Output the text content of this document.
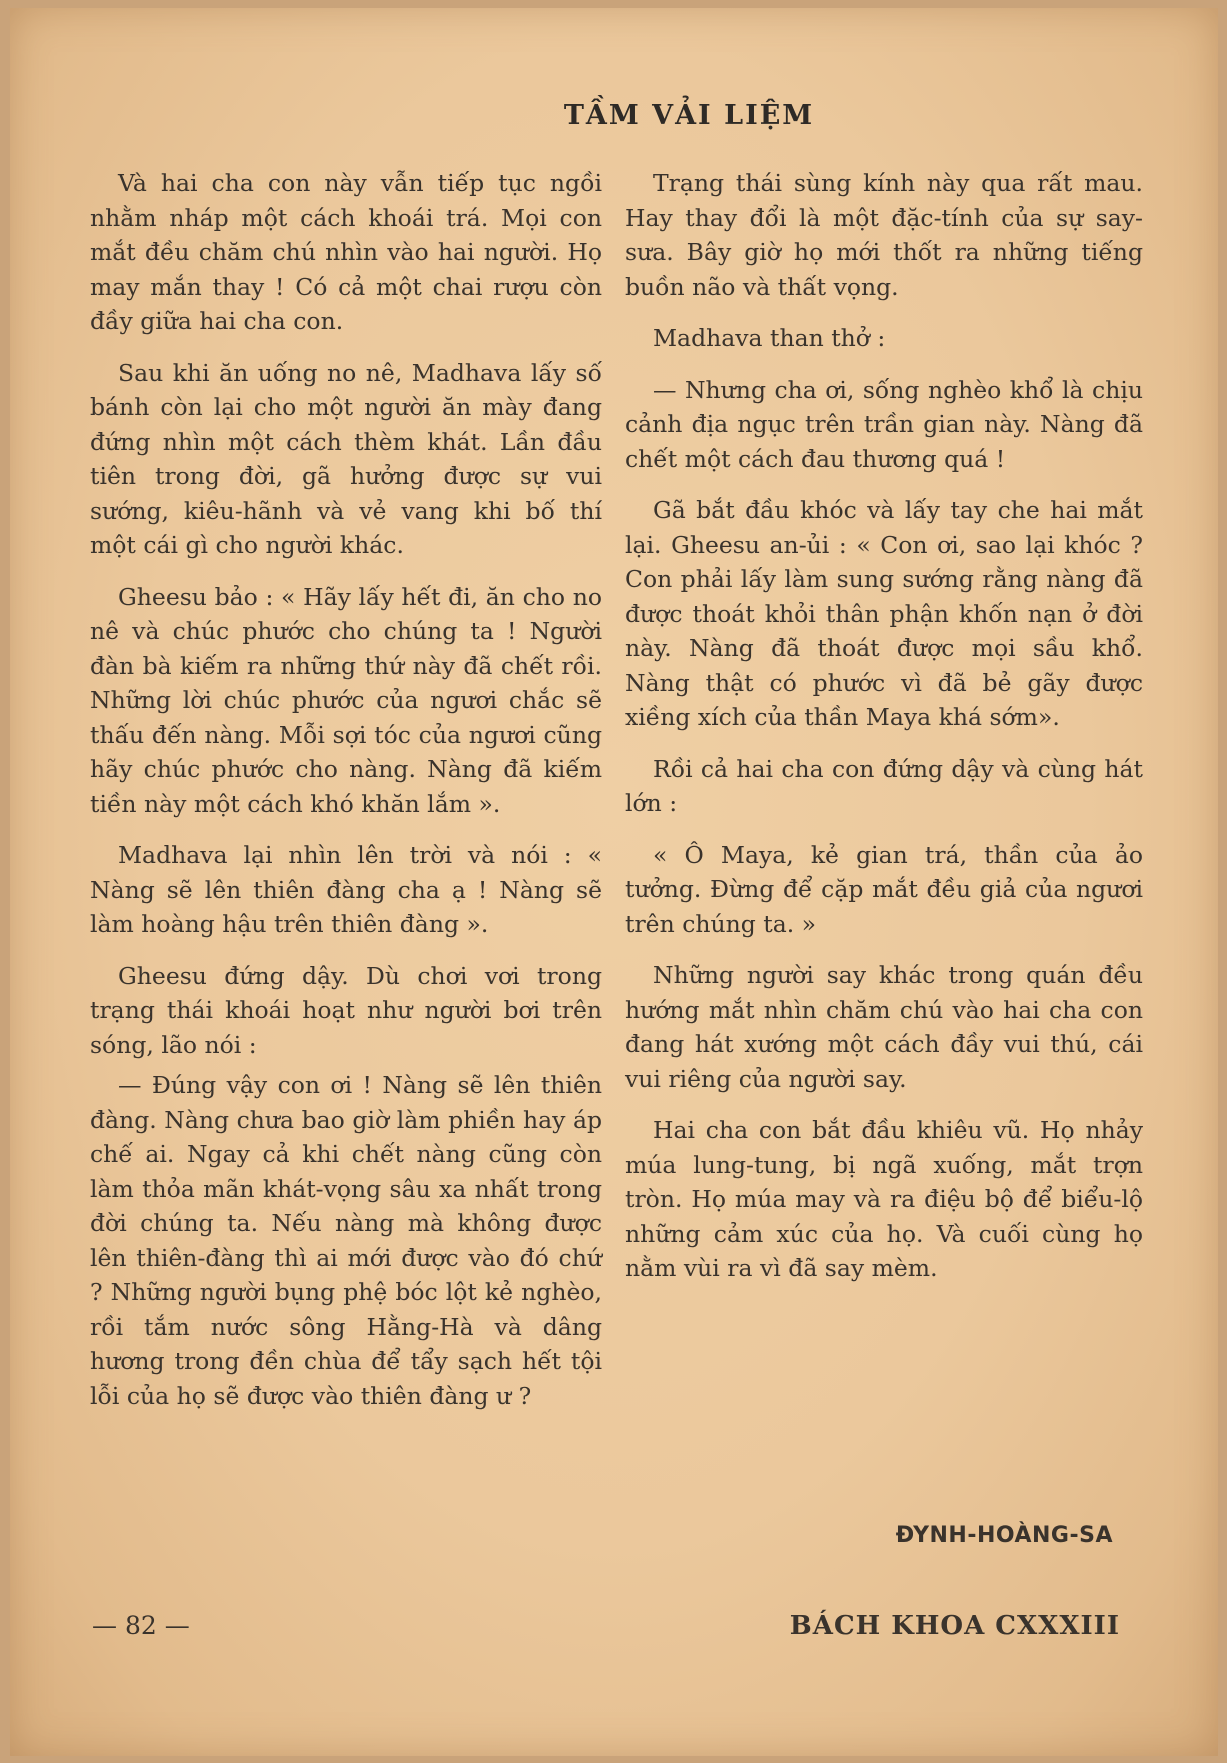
TẦM VẢI LIỆM

Và hai cha con này vẫn tiếp tục ngồi nhằm nháp một cách khoái trá. Mọi con mắt đều chăm chú nhìn vào hai người. Họ may mắn thay ! Có cả một chai rượu còn đầy giữa hai cha con.

Sau khi ăn uống no nê, Madhava lấy số bánh còn lại cho một người ăn mày đang đứng nhìn một cách thèm khát. Lần đầu tiên trong đời, gã hưởng được sự vui sướng, kiêu-hãnh và vẻ vang khi bố thí một cái gì cho người khác.

Gheesu bảo : « Hãy lấy hết đi, ăn cho no nê và chúc phước cho chúng ta ! Người đàn bà kiếm ra những thứ này đã chết rồi. Những lời chúc phước của ngươi chắc sẽ thấu đến nàng. Mỗi sợi tóc của ngươi cũng hãy chúc phước cho nàng. Nàng đã kiếm tiền này một cách khó khăn lắm ».

Madhava lại nhìn lên trời và nói : « Nàng sẽ lên thiên đàng cha ạ ! Nàng sẽ làm hoàng hậu trên thiên đàng ».

Gheesu đứng dậy. Dù chơi vơi trong trạng thái khoái hoạt như người bơi trên sóng, lão nói :

— Đúng vậy con ơi ! Nàng sẽ lên thiên đàng. Nàng chưa bao giờ làm phiền hay áp chế ai. Ngay cả khi chết nàng cũng còn làm thỏa mãn khát-vọng sâu xa nhất trong đời chúng ta. Nếu nàng mà không được lên thiên-đàng thì ai mới được vào đó chứ ? Những người bụng phệ bóc lột kẻ nghèo, rồi tắm nước sông Hằng-Hà và dâng hương trong đền chùa để tẩy sạch hết tội lỗi của họ sẽ được vào thiên đàng ư ?

Trạng thái sùng kính này qua rất mau. Hay thay đổi là một đặc-tính của sự say-sưa. Bây giờ họ mới thốt ra những tiếng buồn não và thất vọng.

Madhava than thở :

— Nhưng cha ơi, sống nghèo khổ là chịu cảnh địa ngục trên trần gian này. Nàng đã chết một cách đau thương quá !

Gã bắt đầu khóc và lấy tay che hai mắt lại. Gheesu an-ủi : « Con ơi, sao lại khóc ? Con phải lấy làm sung sướng rằng nàng đã được thoát khỏi thân phận khốn nạn ở đời này. Nàng đã thoát được mọi sầu khổ. Nàng thật có phước vì đã bẻ gãy được xiềng xích của thần Maya khá sớm».

Rồi cả hai cha con đứng dậy và cùng hát lớn :

« Ô Maya, kẻ gian trá, thần của ảo tưởng. Đừng để cặp mắt đều giả của ngươi trên chúng ta. »

Những người say khác trong quán đều hướng mắt nhìn chăm chú vào hai cha con đang hát xướng một cách đầy vui thú, cái vui riêng của người say.

Hai cha con bắt đầu khiêu vũ. Họ nhảy múa lung-tung, bị ngã xuống, mắt trợn tròn. Họ múa may và ra điệu bộ để biểu-lộ những cảm xúc của họ. Và cuối cùng họ nằm vùi ra vì đã say mèm.

ĐYNH-HOÀNG-SA
— 82 —	BÁCH KHOA CXXXIII
